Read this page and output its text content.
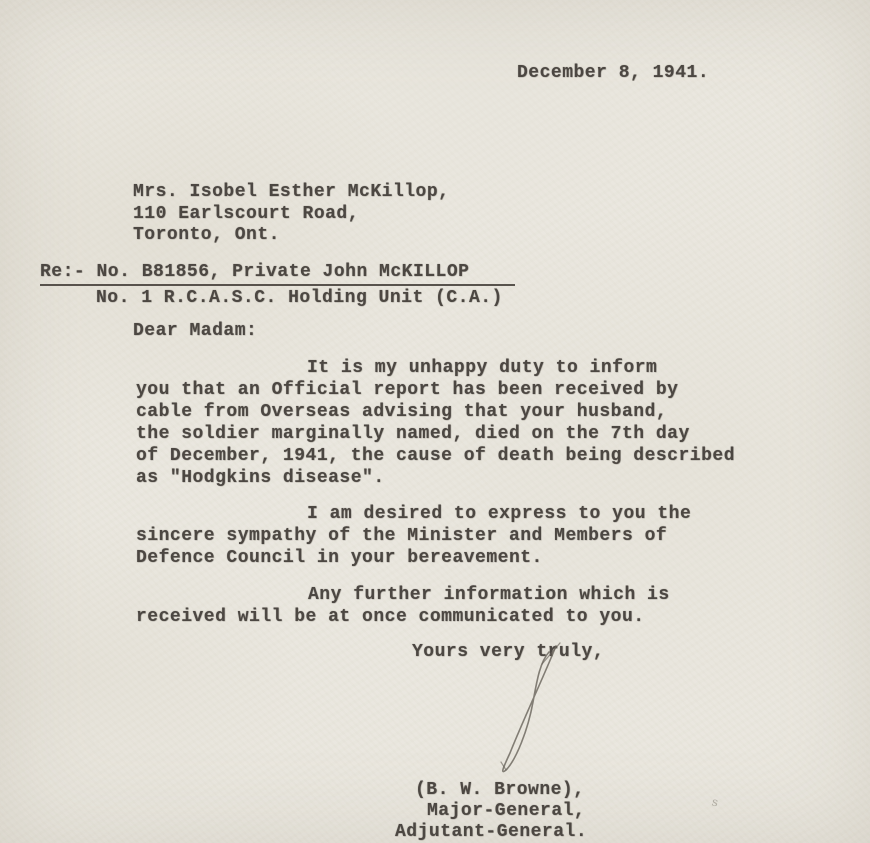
December 8, 1941.
Mrs. Isobel Esther McKillop,
110 Earlscourt Road,
Toronto, Ont.
Re:- No. B81856, Private John McKILLOP
No. 1 R.C.A.S.C. Holding Unit (C.A.)
Dear Madam:
It is my unhappy duty to inform
you that an Official report has been received by
cable from Overseas advising that your husband,
the soldier marginally named, died on the 7th day
of December, 1941, the cause of death being described
as "Hodgkins disease".
I am desired to express to you the
sincere sympathy of the Minister and Members of
Defence Council in your bereavement.
Any further information which is
received will be at once communicated to you.
Yours very truly,
s
(B. W. Browne),
Major-General,
Adjutant-General.
